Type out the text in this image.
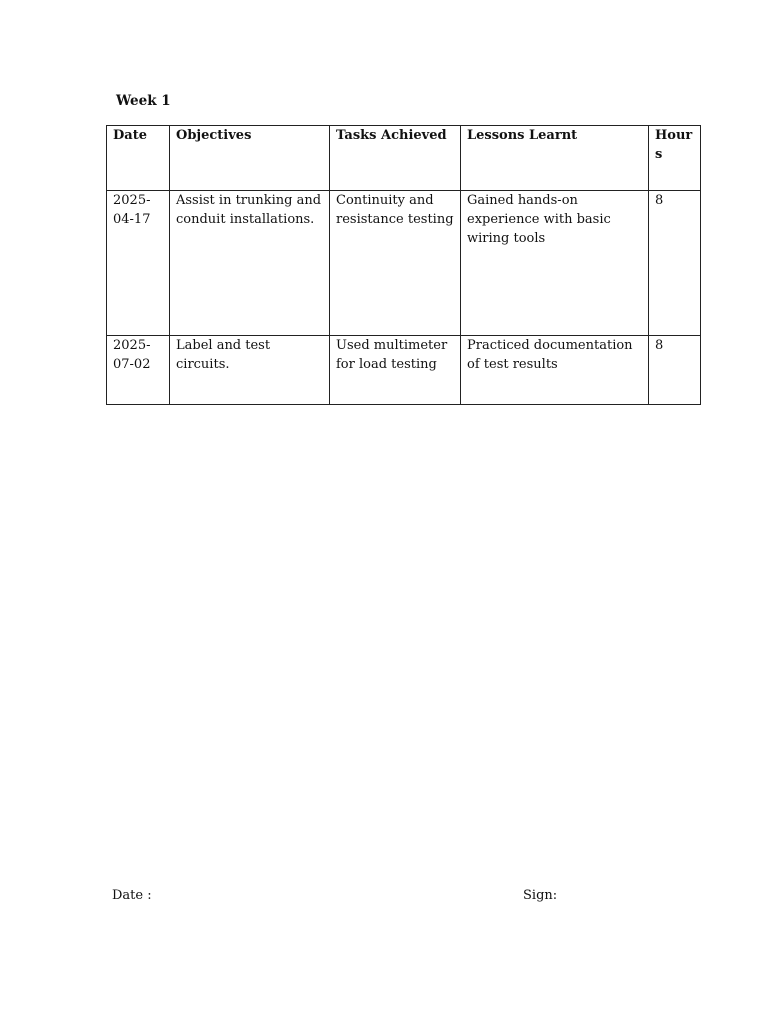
Week 1
Date	Objectives	Tasks Achieved	Lessons Learnt	Hours

2025-04-17	Assist in trunking and conduit installations.	Continuity and resistance testing	Gained hands-on experience with basic wiring tools	8

2025-07-02	Label and test circuits.	Used multimeter for load testing	Practiced documentation of test results	8
Date :	Sign:
